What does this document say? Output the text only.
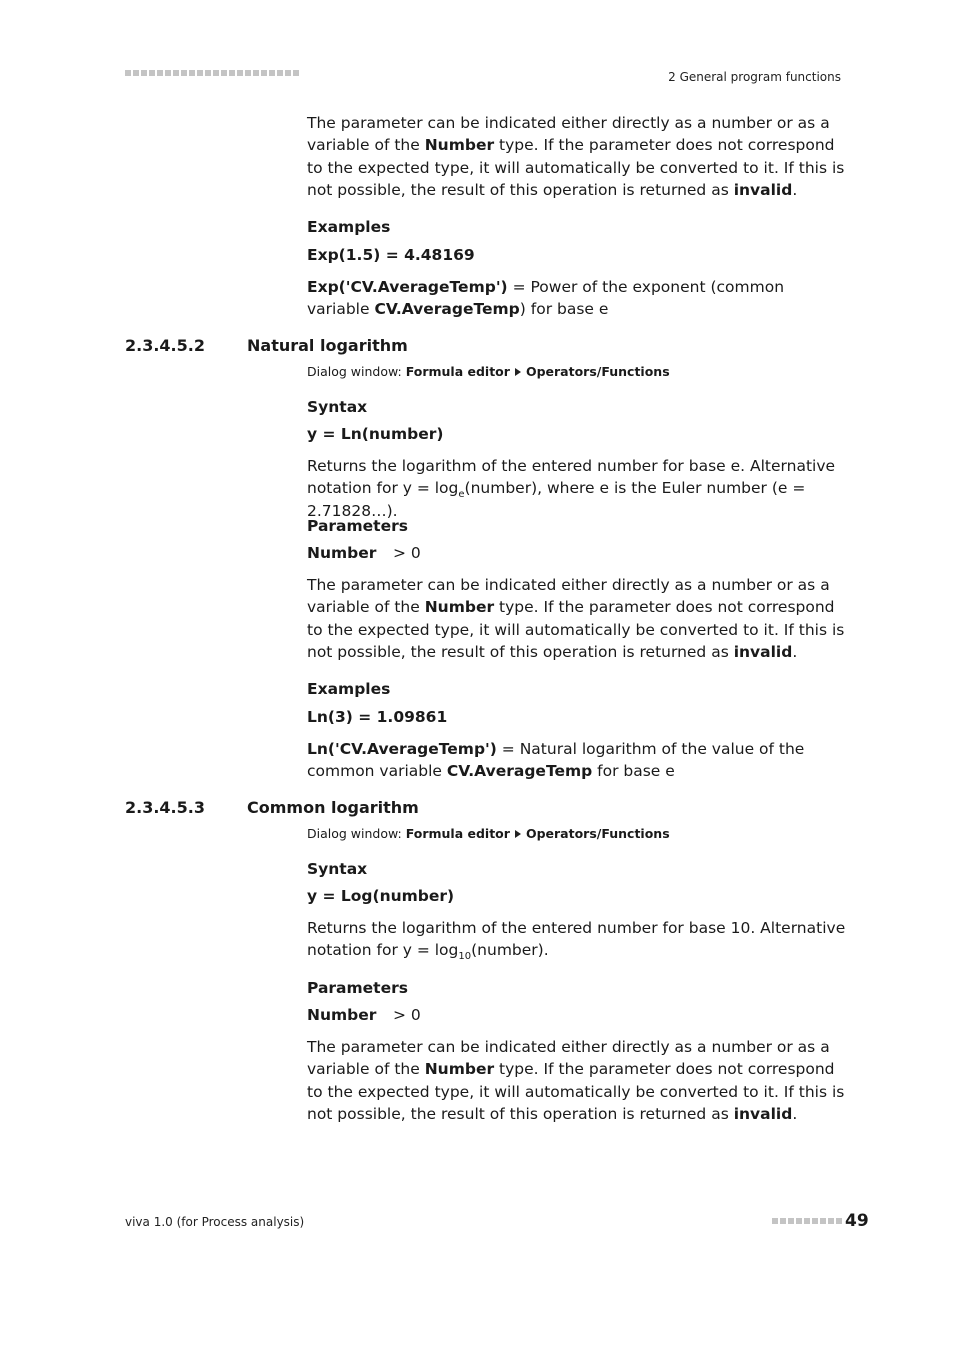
2 General program functions

The parameter can be indicated either directly as a number or as a variable of the Number type. If the parameter does not correspond to the expected type, it will automatically be converted to it. If this is not possible, the result of this operation is returned as invalid.

Examples
Exp(1.5) = 4.48169

Exp('CV.AverageTemp') = Power of the exponent (common variable CV.AverageTemp) for base e

2.3.4.5.2	Natural logarithm
Dialog window: Formula editor Operators/Functions
Syntax
y = Ln(number)

Returns the logarithm of the entered number for base e. Alternative notation for $y = \log_e(number)$, where e is the Euler number (e = 2.71828…).

Parameters
Number > 0

The parameter can be indicated either directly as a number or as a variable of the Number type. If the parameter does not correspond to the expected type, it will automatically be converted to it. If this is not possible, the result of this operation is returned as invalid.

Examples
Ln(3) = 1.09861

Ln('CV.AverageTemp') = Natural logarithm of the value of the common variable CV.AverageTemp for base e

2.3.4.5.3	Common logarithm
Dialog window: Formula editor Operators/Functions
Syntax
y = Log(number)

Returns the logarithm of the entered number for base 10. Alternative notation for $y = \log_{10}(number)$.

Parameters
Number > 0

The parameter can be indicated either directly as a number or as a variable of the Number type. If the parameter does not correspond to the expected type, it will automatically be converted to it. If this is not possible, the result of this operation is returned as invalid.

viva 1.0 (for Process analysis)	49
